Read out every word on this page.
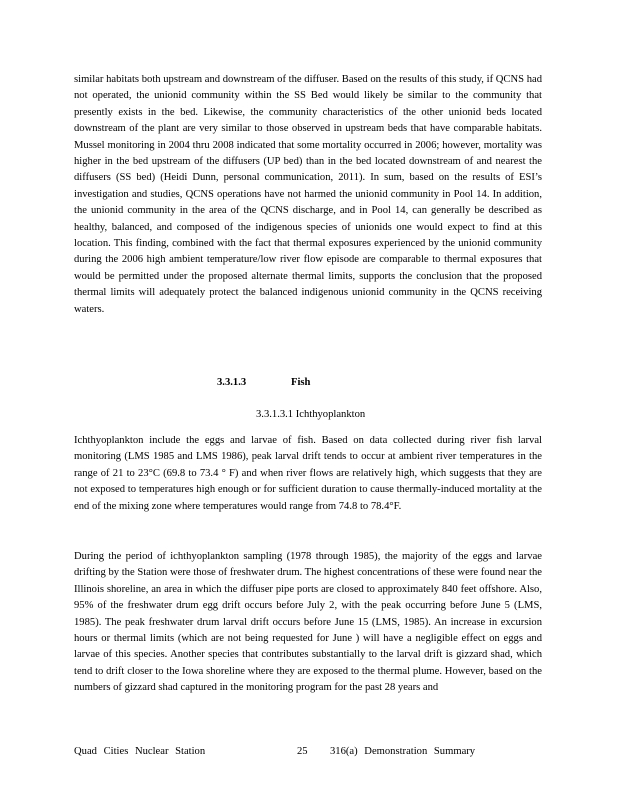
similar habitats both upstream and downstream of the diffuser. Based on the results of this study, if QCNS had not operated, the unionid community within the SS Bed would likely be similar to the community that presently exists in the bed. Likewise, the community characteristics of the other unionid beds located downstream of the plant are very similar to those observed in upstream beds that have comparable habitats. Mussel monitoring in 2004 thru 2008 indicated that some mortality occurred in 2006; however, mortality was higher in the bed upstream of the diffusers (UP bed) than in the bed located downstream of and nearest the diffusers (SS bed) (Heidi Dunn, personal communication, 2011). In sum, based on the results of ESI’s investigation and studies, QCNS operations have not harmed the unionid community in Pool 14. In addition, the unionid community in the area of the QCNS discharge, and in Pool 14, can generally be described as healthy, balanced, and composed of the indigenous species of unionids one would expect to find at this location. This finding, combined with the fact that thermal exposures experienced by the unionid community during the 2006 high ambient temperature/low river flow episode are comparable to thermal exposures that would be permitted under the proposed alternate thermal limits, supports the conclusion that the proposed thermal limits will adequately protect the balanced indigenous unionid community in the QCNS receiving waters.

3.3.1.3	Fish
3.3.1.3.1 Ichthyoplankton

Ichthyoplankton include the eggs and larvae of fish. Based on data collected during river fish larval monitoring (LMS 1985 and LMS 1986), peak larval drift tends to occur at ambient river temperatures in the range of 21 to 23°C (69.8 to 73.4 ° F) and when river flows are relatively high, which suggests that they are not exposed to temperatures high enough or for sufficient duration to cause thermally-induced mortality at the end of the mixing zone where temperatures would range from 74.8 to 78.4°F.

During the period of ichthyoplankton sampling (1978 through 1985), the majority of the eggs and larvae drifting by the Station were those of freshwater drum. The highest concentrations of these were found near the Illinois shoreline, an area in which the diffuser pipe ports are closed to approximately 840 feet offshore. Also, 95% of the freshwater drum egg drift occurs before July 2, with the peak occurring before June 5 (LMS, 1985). The peak freshwater drum larval drift occurs before June 15 (LMS, 1985). An increase in excursion hours or thermal limits (which are not being requested for June ) will have a negligible effect on eggs and larvae of this species. Another species that contributes substantially to the larval drift is gizzard shad, which tend to drift closer to the Iowa shoreline where they are exposed to the thermal plume. However, based on the numbers of gizzard shad captured in the monitoring program for the past 28 years and

Quad Cities Nuclear Station	25 316(a) Demonstration Summary
